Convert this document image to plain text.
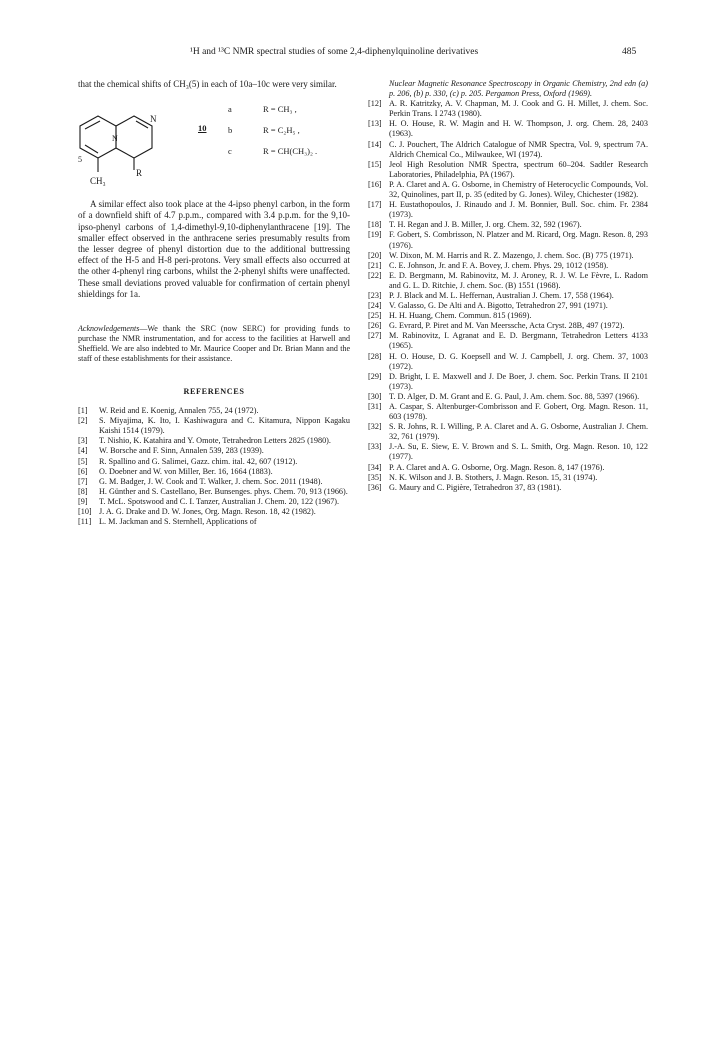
¹H and ¹³C NMR spectral studies of some 2,4-diphenylquinoline derivatives	485

that the chemical shifts of CH₃(5) in each of 10a–10c were very similar.

N
N
R
5
CH₃
10
a	R = CH₃ ,
b	R = C₂H₅ ,
c	R = CH(CH₃)₂ .

A similar effect also took place at the 4-ipso phenyl carbon, in the form of a downfield shift of 4.7 p.p.m., compared with 3.4 p.p.m. for the 9,10-ipso-phenyl carbons of 1,4-dimethyl-9,10-diphenylanthracene [19]. The smaller effect observed in the anthracene series presumably results from the lesser degree of phenyl distortion due to the additional buttressing effect of the H-5 and H-8 peri-protons. Very small effects also occurred at the other 4-phenyl ring carbons, whilst the 2-phenyl shifts were unaffected. These small deviations proved valuable for confirmation of certain phenyl shieldings for 1a.

Acknowledgements—We thank the SRC (now SERC) for providing funds to purchase the NMR instrumentation, and for access to the facilities at Harwell and Sheffield. We are also indebted to Mr. Maurice Cooper and Dr. Brian Mann and the staff of these establishments for their assistance.

REFERENCES

[1] W. Reid and E. Koenig, Annalen 755, 24 (1972).

[2] S. Miyajima, K. Ito, I. Kashiwagura and C. Kitamura, Nippon Kagaku Kaishi 1514 (1979).

[3] T. Nishio, K. Katahira and Y. Omote, Tetrahedron Letters 2825 (1980).

[4] W. Borsche and F. Sinn, Annalen 539, 283 (1939).

[5] R. Spallino and G. Salimei, Gazz. chim. ital. 42, 607 (1912).

[6] O. Doebner and W. von Miller, Ber. 16, 1664 (1883).

[7] G. M. Badger, J. W. Cook and T. Walker, J. chem. Soc. 2011 (1948).

[8] H. Günther and S. Castellano, Ber. Bunsenges. phys. Chem. 70, 913 (1966).

[9] T. McL. Spotswood and C. I. Tanzer, Australian J. Chem. 20, 122 (1967).

[10] J. A. G. Drake and D. W. Jones, Org. Magn. Reson. 18, 42 (1982).

[11] L. M. Jackman and S. Sternhell, Applications of

Nuclear Magnetic Resonance Spectroscopy in Organic Chemistry, 2nd edn (a) p. 206, (b) p. 330, (c) p. 205. Pergamon Press, Oxford (1969).

[12] A. R. Katritzky, A. V. Chapman, M. J. Cook and G. H. Millet, J. chem. Soc. Perkin Trans. I 2743 (1980).

[13] H. O. House, R. W. Magin and H. W. Thompson, J. org. Chem. 28, 2403 (1963).

[14] C. J. Pouchert, The Aldrich Catalogue of NMR Spectra, Vol. 9, spectrum 7A. Aldrich Chemical Co., Milwaukee, WI (1974).

[15] Jeol High Resolution NMR Spectra, spectrum 60–204. Sadtler Research Laboratories, Philadelphia, PA (1967).

[16] P. A. Claret and A. G. Osborne, in Chemistry of Heterocyclic Compounds, Vol. 32, Quinolines, part II, p. 35 (edited by G. Jones). Wiley, Chichester (1982).

[17] H. Eustathopoulos, J. Rinaudo and J. M. Bonnier, Bull. Soc. chim. Fr. 2384 (1973).

[18] T. H. Regan and J. B. Miller, J. org. Chem. 32, 592 (1967).

[19] F. Gobert, S. Combrisson, N. Platzer and M. Ricard, Org. Magn. Reson. 8, 293 (1976).

[20] W. Dixon, M. M. Harris and R. Z. Mazengo, J. chem. Soc. (B) 775 (1971).

[21] C. E. Johnson, Jr. and F. A. Bovey, J. chem. Phys. 29, 1012 (1958).

[22] E. D. Bergmann, M. Rabinovitz, M. J. Aroney, R. J. W. Le Fèvre, L. Radom and G. L. D. Ritchie, J. chem. Soc. (B) 1551 (1968).

[23] P. J. Black and M. L. Heffernan, Australian J. Chem. 17, 558 (1964).

[24] V. Galasso, G. De Alti and A. Bigotto, Tetrahedron 27, 991 (1971).

[25] H. H. Huang, Chem. Commun. 815 (1969).

[26] G. Evrard, P. Piret and M. Van Meerssche, Acta Cryst. 28B, 497 (1972).

[27] M. Rabinovitz, I. Agranat and E. D. Bergmann, Tetrahedron Letters 4133 (1965).

[28] H. O. House, D. G. Koepsell and W. J. Campbell, J. org. Chem. 37, 1003 (1972).

[29] D. Bright, I. E. Maxwell and J. De Boer, J. chem. Soc. Perkin Trans. II 2101 (1973).

[30] T. D. Alger, D. M. Grant and E. G. Paul, J. Am. chem. Soc. 88, 5397 (1966).

[31] A. Caspar, S. Altenburger-Combrisson and F. Gobert, Org. Magn. Reson. 11, 603 (1978).

[32] S. R. Johns, R. I. Willing, P. A. Claret and A. G. Osborne, Australian J. Chem. 32, 761 (1979).

[33] J.-A. Su, E. Siew, E. V. Brown and S. L. Smith, Org. Magn. Reson. 10, 122 (1977).

[34] P. A. Claret and A. G. Osborne, Org. Magn. Reson. 8, 147 (1976).

[35] N. K. Wilson and J. B. Stothers, J. Magn. Reson. 15, 31 (1974).

[36] G. Maury and C. Pigière, Tetrahedron 37, 83 (1981).
